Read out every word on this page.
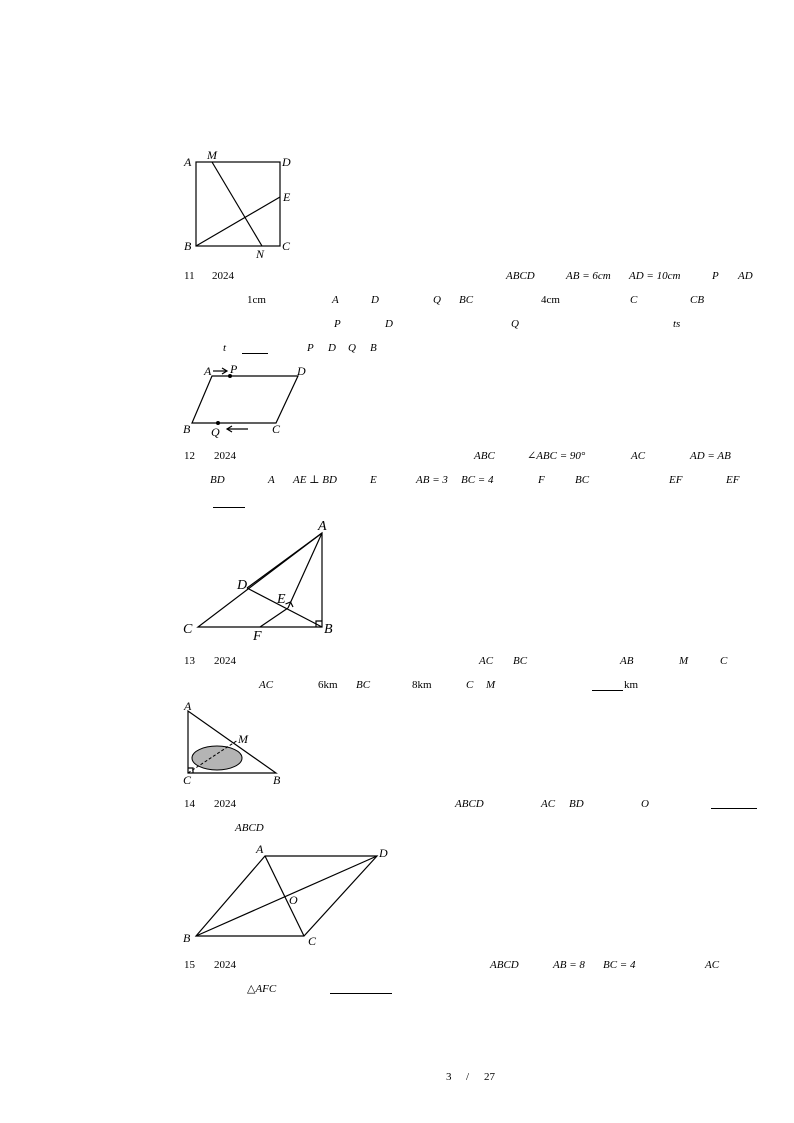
A M	D
E
B
N
C
11 2024	ABCD	AB = 6cm AD = 10cm	P AD
1cm	A	D	Q BC	4cm	C	CB
P	D	Q	ts
t	P D Q B
A P	D
B Q	C
12 2024	ABC	∠ABC = 90°	AC	AD = AB
BD	A AE ⊥ BD	E	AB = 3 BC = 4	F	BC	EF	EF
A
D
E
C	F	B
13 2024	AC BC	AB	M	C
AC	6km BC	8km	C M	km
A
M
C	B
14 2024	ABCD	AC BD	O
ABCD
A	D
O
B	C
15 2024	ABCD	AB = 8 BC = 4	AC
△AFC
3 / 27
